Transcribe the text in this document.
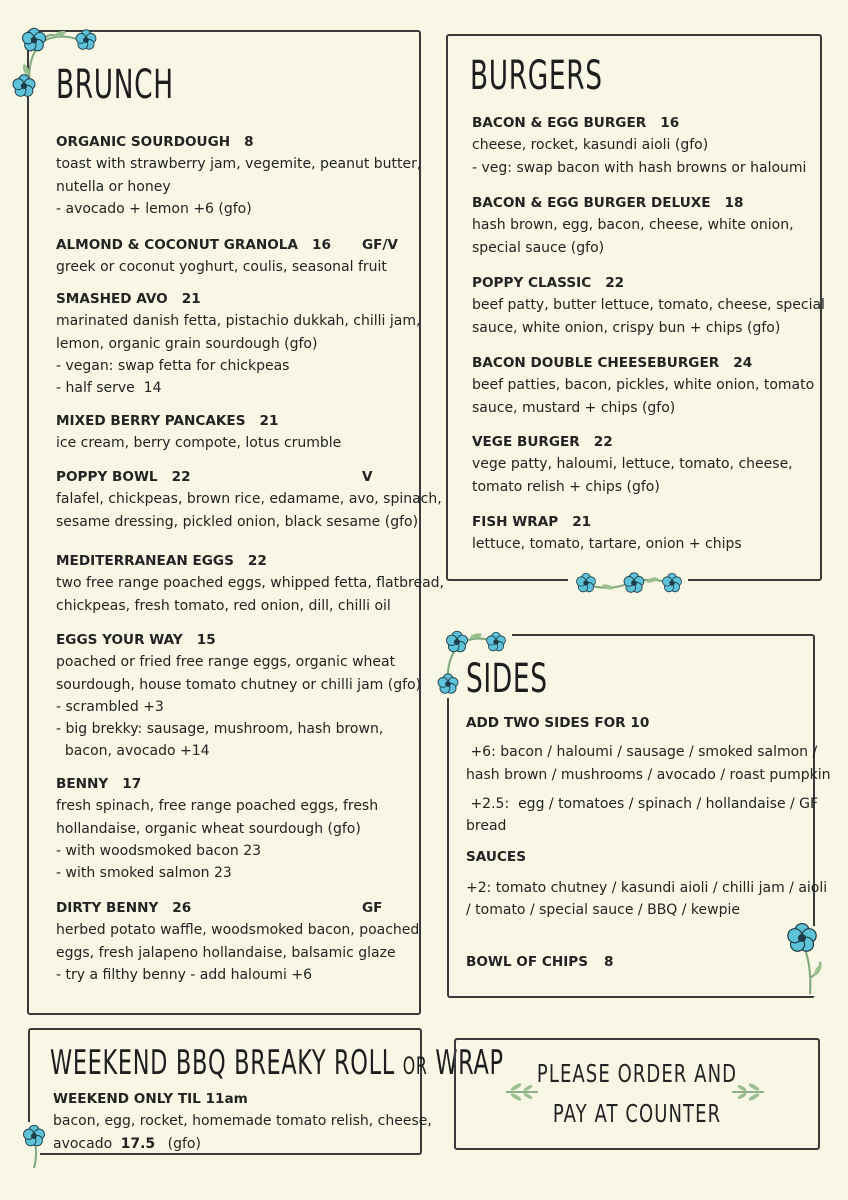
BRUNCH
ORGANIC SOURDOUGH 8
toast with strawberry jam, vegemite, peanut butter,
nutella or honey
- avocado + lemon +6 (gfo)
ALMOND & COCONUT GRANOLA 16 GF/V
greek or coconut yoghurt, coulis, seasonal fruit
SMASHED AVO 21
marinated danish fetta, pistachio dukkah, chilli jam,
lemon, organic grain sourdough (gfo)
- vegan: swap fetta for chickpeas
- half serve  14
MIXED BERRY PANCAKES 21
ice cream, berry compote, lotus crumble
POPPY BOWL 22	V
falafel, chickpeas, brown rice, edamame, avo, spinach,
sesame dressing, pickled onion, black sesame (gfo)
MEDITERRANEAN EGGS 22
two free range poached eggs, whipped fetta, flatbread,
chickpeas, fresh tomato, red onion, dill, chilli oil
EGGS YOUR WAY 15
poached or fried free range eggs, organic wheat
sourdough, house tomato chutney or chilli jam (gfo)
- scrambled +3
- big brekky: sausage, mushroom, hash brown,
bacon, avocado +14
BENNY 17
fresh spinach, free range poached eggs, fresh
hollandaise, organic wheat sourdough (gfo)
- with woodsmoked bacon 23
- with smoked salmon 23
DIRTY BENNY 26	GF
herbed potato waffle, woodsmoked bacon, poached
eggs, fresh jalapeno hollandaise, balsamic glaze
- try a filthy benny - add haloumi +6
BURGERS
BACON & EGG BURGER 16
cheese, rocket, kasundi aioli (gfo)
- veg: swap bacon with hash browns or haloumi
BACON & EGG BURGER DELUXE 18
hash brown, egg, bacon, cheese, white onion,
special sauce (gfo)
POPPY CLASSIC 22
beef patty, butter lettuce, tomato, cheese, special
sauce, white onion, crispy bun + chips (gfo)
BACON DOUBLE CHEESEBURGER 24
beef patties, bacon, pickles, white onion, tomato
sauce, mustard + chips (gfo)
VEGE BURGER 22
vege patty, haloumi, lettuce, tomato, cheese,
tomato relish + chips (gfo)
FISH WRAP 21
lettuce, tomato, tartare, onion + chips
SIDES
ADD TWO SIDES FOR 10
+6: bacon / haloumi / sausage / smoked salmon /
hash brown / mushrooms / avocado / roast pumpkin
+2.5:  egg / tomatoes / spinach / hollandaise / GF
bread
SAUCES
+2: tomato chutney / kasundi aioli / chilli jam / aioli
/ tomato / special sauce / BBQ / kewpie
BOWL OF CHIPS 8
WEEKEND BBQ BREAKY ROLL OR WRAP
WEEKEND ONLY TIL 11am
bacon, egg, rocket, homemade tomato relish, cheese,
avocado 17.5 (gfo)
PLEASE ORDER AND
PAY AT COUNTER
